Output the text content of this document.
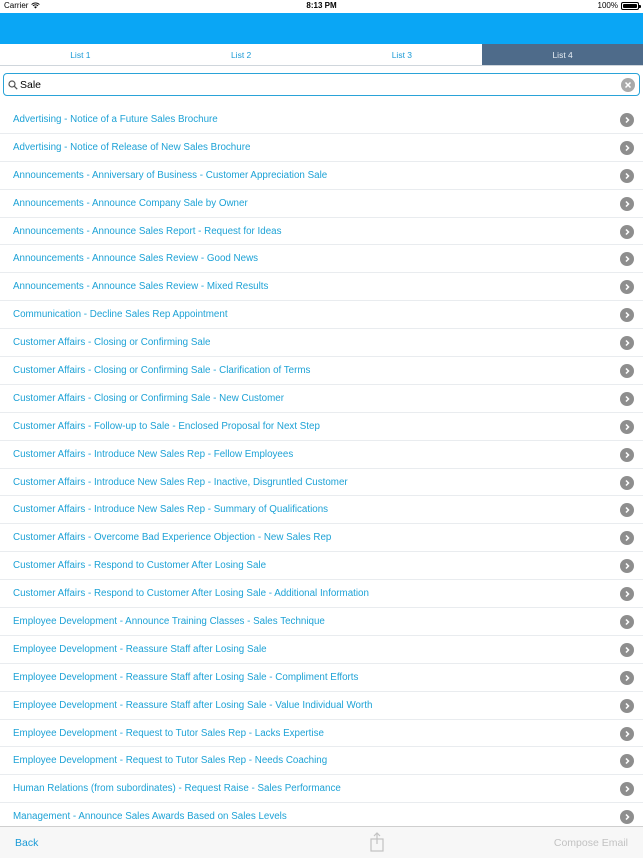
Carrier	8:13 PM	100%
List 1	List 2	List 3	List 4
Sale
Advertising - Notice of a Future Sales Brochure
Advertising - Notice of Release of New Sales Brochure
Announcements - Anniversary of Business - Customer Appreciation Sale
Announcements - Announce Company Sale by Owner
Announcements - Announce Sales Report - Request for Ideas
Announcements - Announce Sales Review - Good News
Announcements - Announce Sales Review - Mixed Results
Communication - Decline Sales Rep Appointment
Customer Affairs - Closing or Confirming Sale
Customer Affairs - Closing or Confirming Sale - Clarification of Terms
Customer Affairs - Closing or Confirming Sale - New Customer
Customer Affairs - Follow-up to Sale - Enclosed Proposal for Next Step
Customer Affairs - Introduce New Sales Rep - Fellow Employees
Customer Affairs - Introduce New Sales Rep - Inactive, Disgruntled Customer
Customer Affairs - Introduce New Sales Rep - Summary of Qualifications
Customer Affairs - Overcome Bad Experience Objection - New Sales Rep
Customer Affairs - Respond to Customer After Losing Sale
Customer Affairs - Respond to Customer After Losing Sale - Additional Information
Employee Development - Announce Training Classes - Sales Technique
Employee Development - Reassure Staff after Losing Sale
Employee Development - Reassure Staff after Losing Sale - Compliment Efforts
Employee Development - Reassure Staff after Losing Sale - Value Individual Worth
Employee Development - Request to Tutor Sales Rep - Lacks Expertise
Employee Development - Request to Tutor Sales Rep - Needs Coaching
Human Relations (from subordinates) - Request Raise - Sales Performance
Management - Announce Sales Awards Based on Sales Levels
Back	Compose Email
